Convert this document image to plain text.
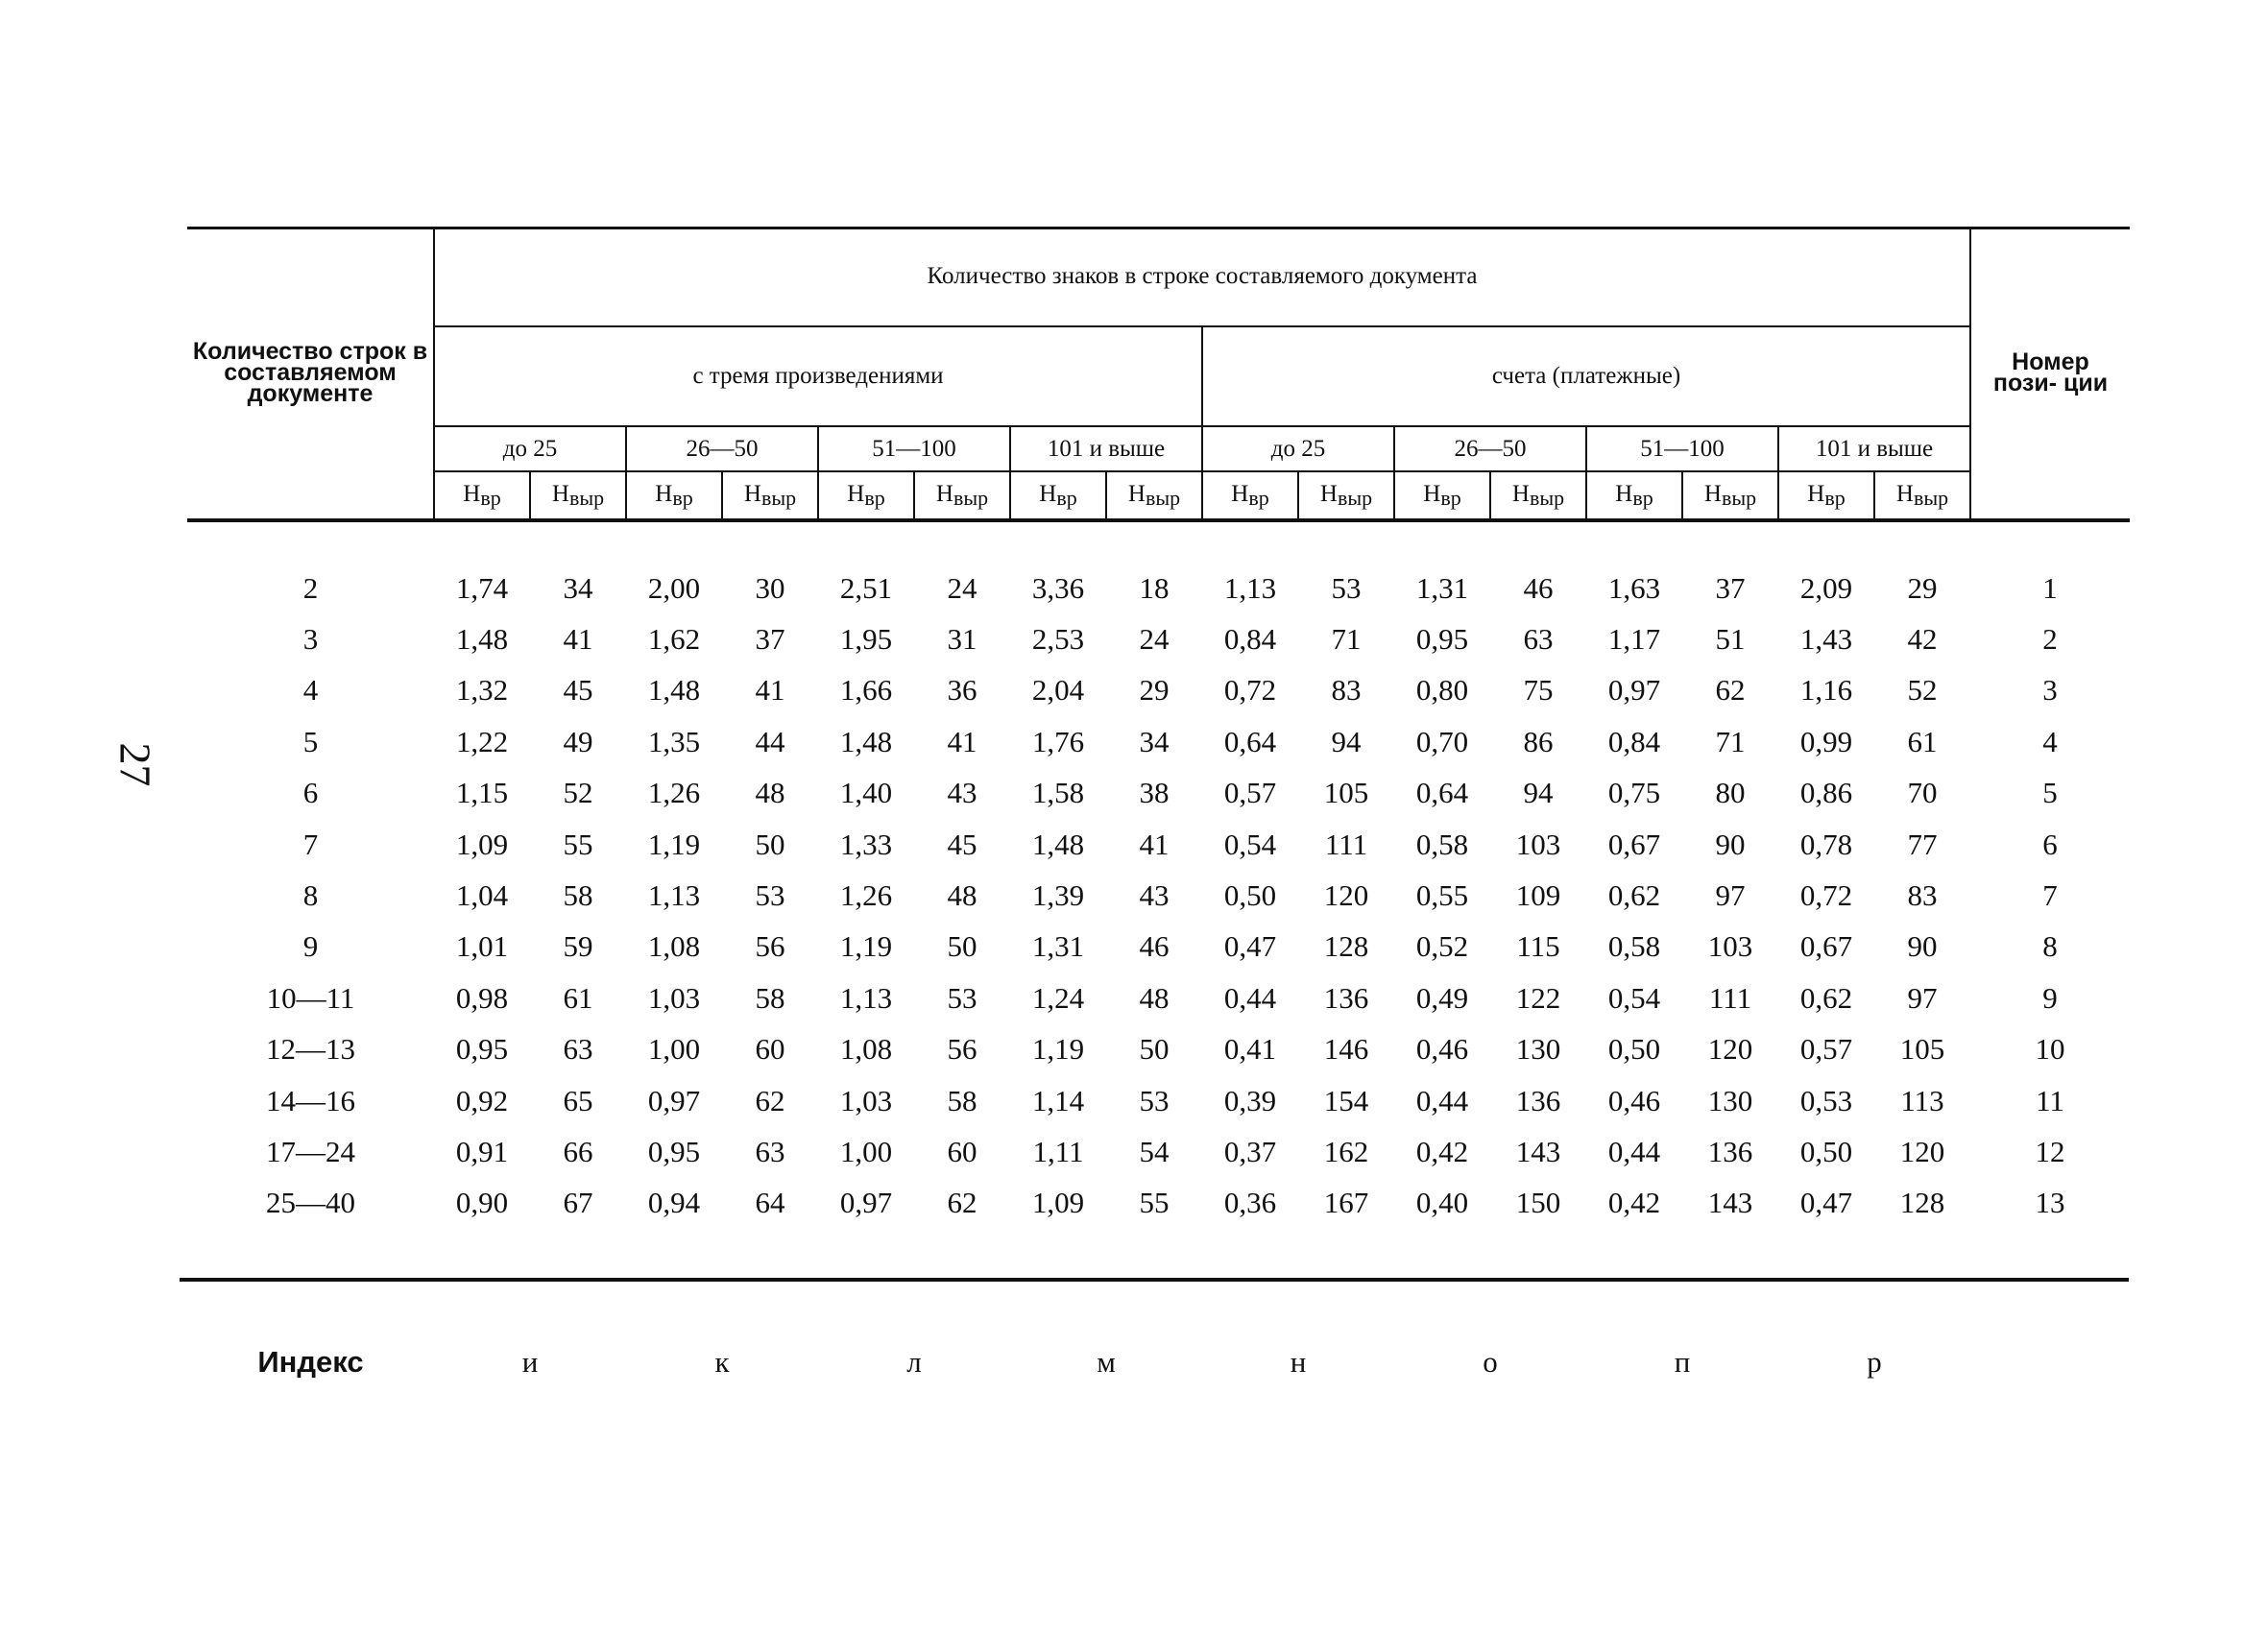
27
Количество строк в составляемом документе	Количество знаков в строке составляемого документа																Номер пози- ции
	с тремя произведениями								счета (платежные)								
	до 25		26—50		51—100		101 и выше		до 25		26—50		51—100		101 и выше		
	Нвр	Нвыр	Нвр	Нвыр	Нвр	Нвыр	Нвр	Нвыр	Нвр	Нвыр	Нвр	Нвыр	Нвр	Нвыр	Нвр	Нвыр	
2	1,74	34	2,00	30	2,51	24	3,36	18	1,13	53	1,31	46	1,63	37	2,09	29	1
3	1,48	41	1,62	37	1,95	31	2,53	24	0,84	71	0,95	63	1,17	51	1,43	42	2
4	1,32	45	1,48	41	1,66	36	2,04	29	0,72	83	0,80	75	0,97	62	1,16	52	3
5	1,22	49	1,35	44	1,48	41	1,76	34	0,64	94	0,70	86	0,84	71	0,99	61	4
6	1,15	52	1,26	48	1,40	43	1,58	38	0,57	105	0,64	94	0,75	80	0,86	70	5
7	1,09	55	1,19	50	1,33	45	1,48	41	0,54	111	0,58	103	0,67	90	0,78	77	6
8	1,04	58	1,13	53	1,26	48	1,39	43	0,50	120	0,55	109	0,62	97	0,72	83	7
9	1,01	59	1,08	56	1,19	50	1,31	46	0,47	128	0,52	115	0,58	103	0,67	90	8
10—11	0,98	61	1,03	58	1,13	53	1,24	48	0,44	136	0,49	122	0,54	111	0,62	97	9
12—13	0,95	63	1,00	60	1,08	56	1,19	50	0,41	146	0,46	130	0,50	120	0,57	105	10
14—16	0,92	65	0,97	62	1,03	58	1,14	53	0,39	154	0,44	136	0,46	130	0,53	113	11
17—24	0,91	66	0,95	63	1,00	60	1,11	54	0,37	162	0,42	143	0,44	136	0,50	120	12
25—40	0,90	67	0,94	64	0,97	62	1,09	55	0,36	167	0,40	150	0,42	143	0,47	128	13
Индекс	и	к	л	м	н	о	п	р	
